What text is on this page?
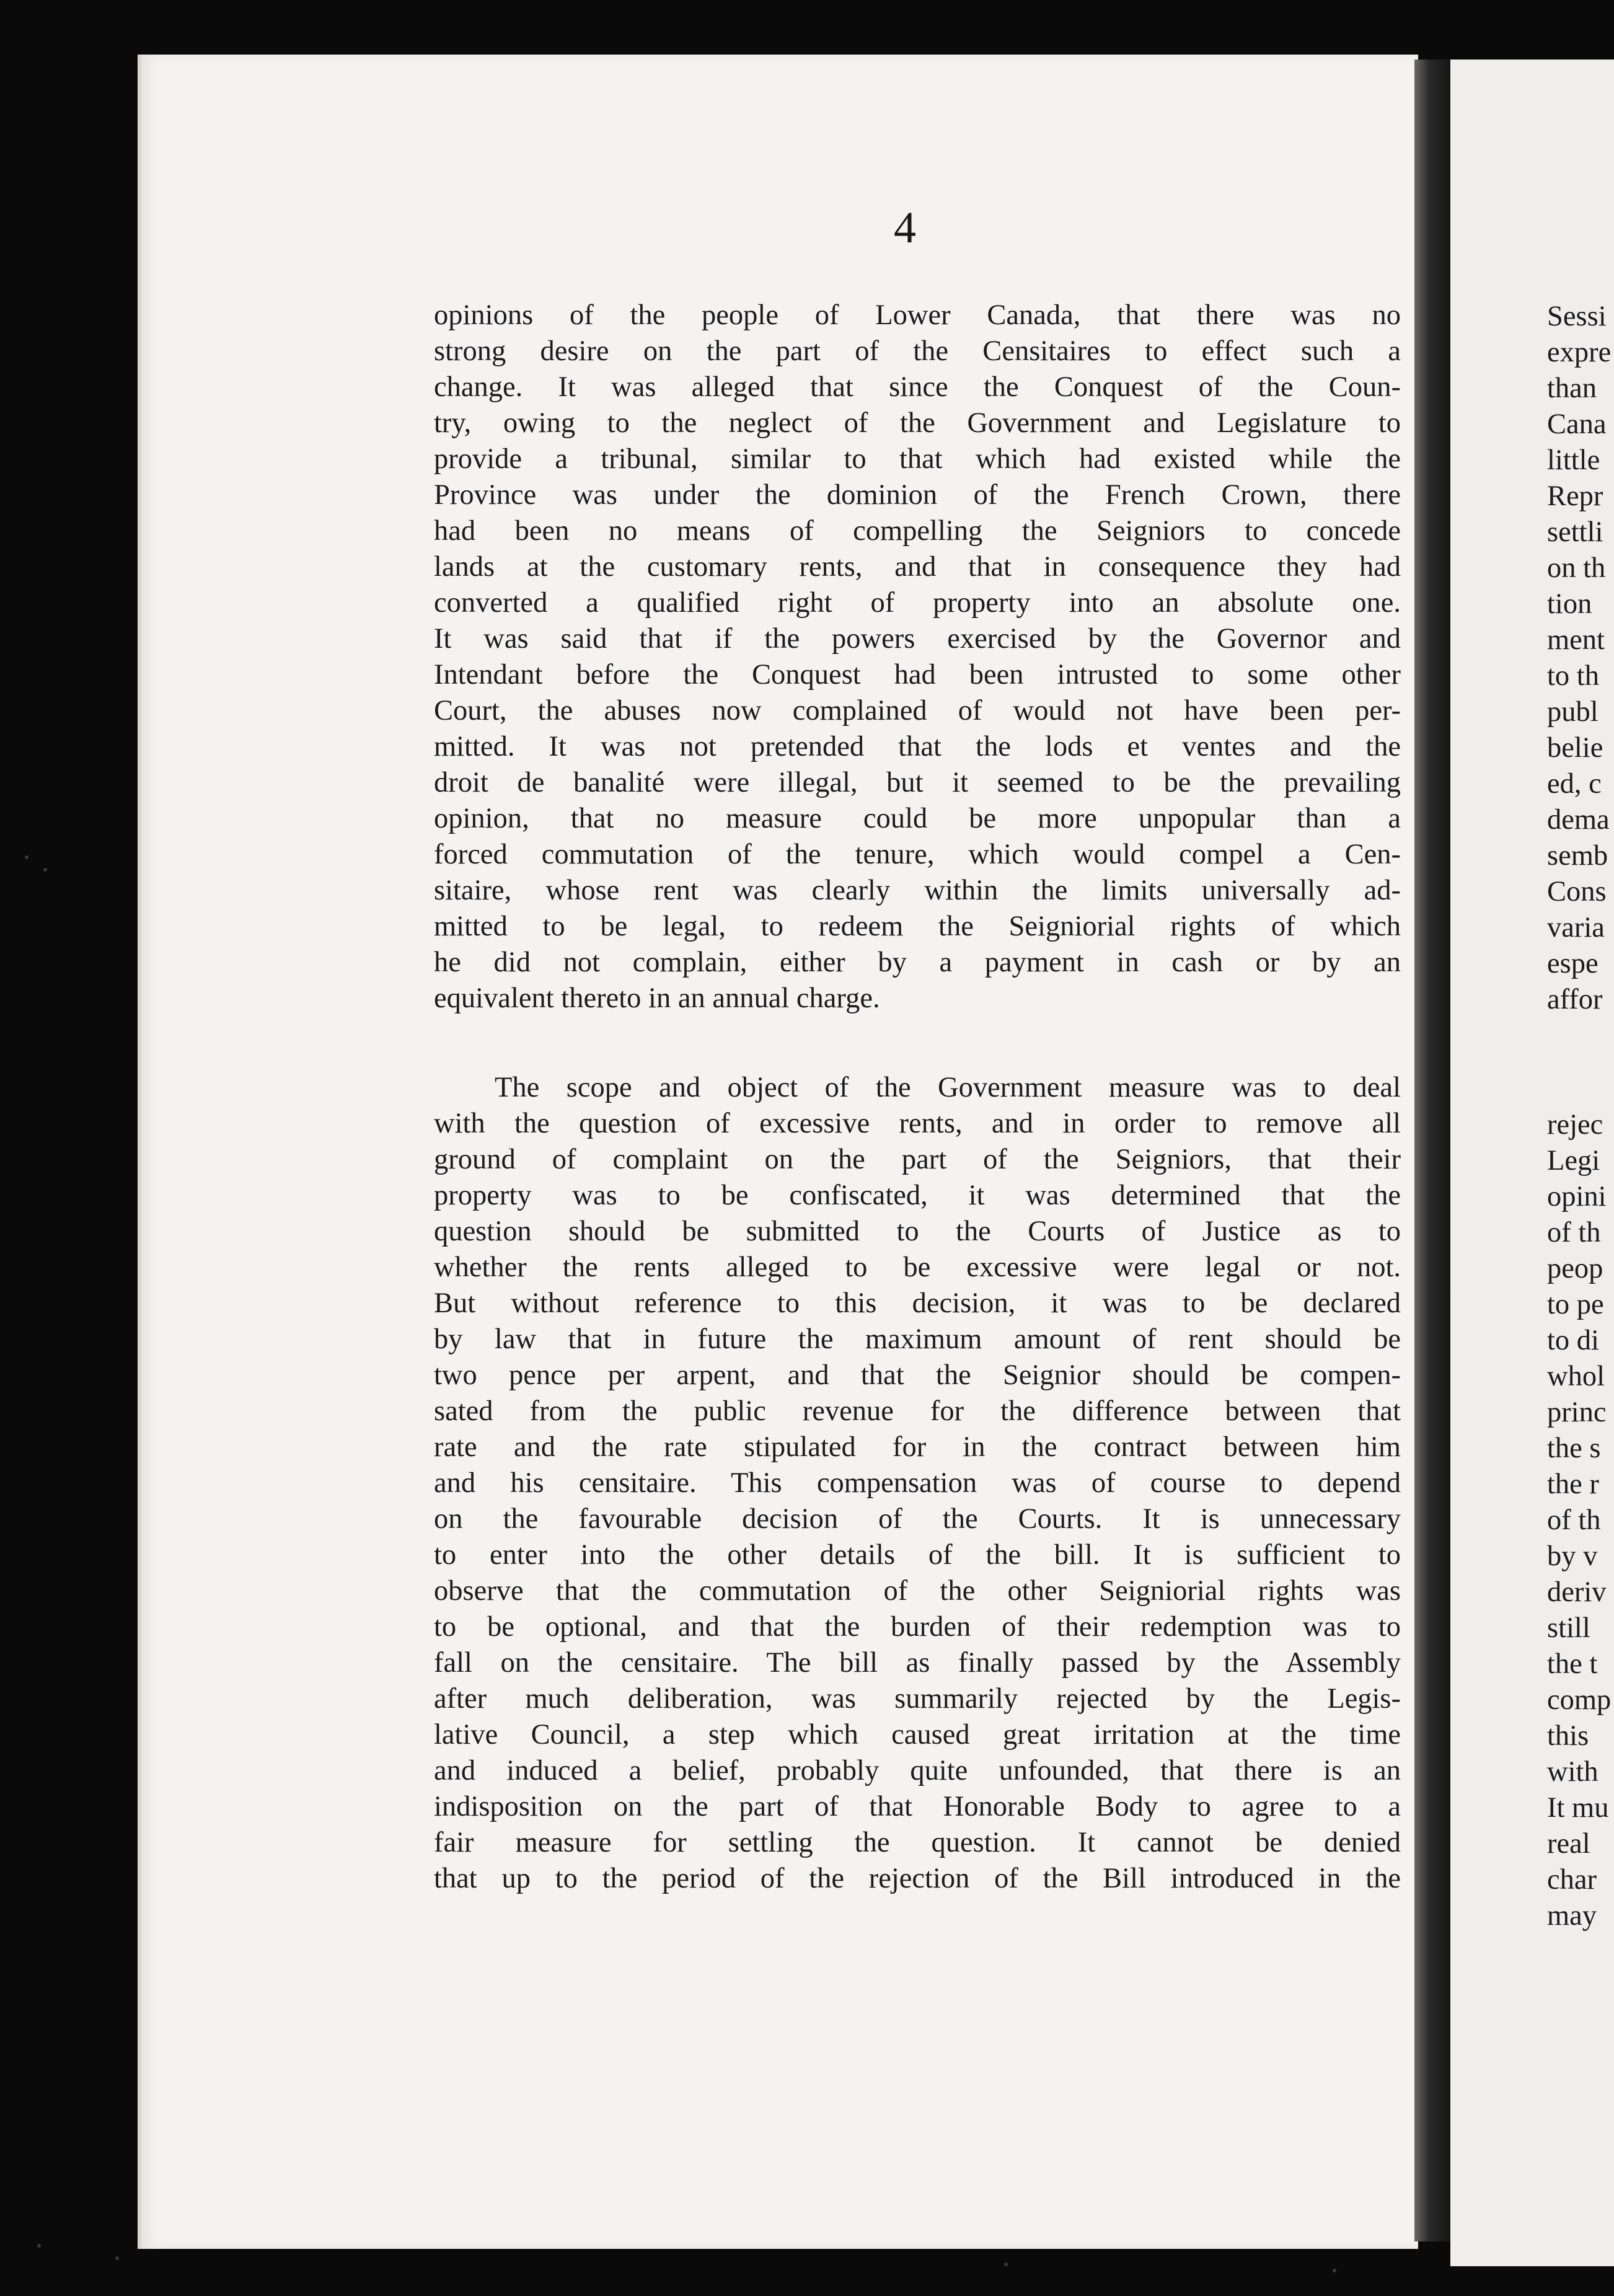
4

opinions of the people of Lower Canada, that there was no
strong desire on the part of the Censitaires to effect such a
change. It was alleged that since the Conquest of the Coun-
try, owing to the neglect of the Government and Legislature to
provide a tribunal, similar to that which had existed while the
Province was under the dominion of the French Crown, there
had been no means of compelling the Seigniors to concede
lands at the customary rents, and that in consequence they had
converted a qualified right of property into an absolute one.
It was said that if the powers exercised by the Governor and
Intendant before the Conquest had been intrusted to some other
Court, the abuses now complained of would not have been per-
mitted. It was not pretended that the lods et ventes and the
droit de banalité were illegal, but it seemed to be the prevailing
opinion, that no measure could be more unpopular than a
forced commutation of the tenure, which would compel a Cen-
sitaire, whose rent was clearly within the limits universally ad-
mitted to be legal, to redeem the Seigniorial rights of which
he did not complain, either by a payment in cash or by an
equivalent thereto in an annual charge.

The scope and object of the Government measure was to deal
with the question of excessive rents, and in order to remove all
ground of complaint on the part of the Seigniors, that their
property was to be confiscated, it was determined that the
question should be submitted to the Courts of Justice as to
whether the rents alleged to be excessive were legal or not.
But without reference to this decision, it was to be declared
by law that in future the maximum amount of rent should be
two pence per arpent, and that the Seignior should be compen-
sated from the public revenue for the difference between that
rate and the rate stipulated for in the contract between him
and his censitaire. This compensation was of course to depend
on the favourable decision of the Courts. It is unnecessary
to enter into the other details of the bill. It is sufficient to
observe that the commutation of the other Seigniorial rights was
to be optional, and that the burden of their redemption was to
fall on the censitaire. The bill as finally passed by the Assembly
after much deliberation, was summarily rejected by the Legis-
lative Council, a step which caused great irritation at the time
and induced a belief, probably quite unfounded, that there is an
indisposition on the part of that Honorable Body to agree to a
fair measure for settling the question. It cannot be denied
that up to the period of the rejection of the Bill introduced in the

Sessi
expre
than
Cana
little
Repr
settli
on th
tion
ment
to th
publ
belie
ed, c
dema
semb
Cons
varia
espe
affor
rejec
Legi
opini
of th
peop
to pe
to di
whol
princ
the s
the r
of th
by v
deriv
still
the t
comp
this
with
It mu
real
char
may
